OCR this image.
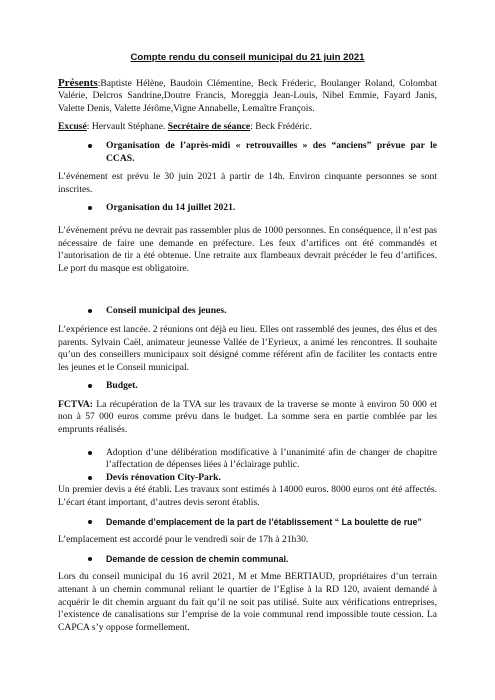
Compte rendu du conseil municipal du 21 juin 2021

Présents:Baptiste Hélène, Baudoin Clémentine, Beck Fréderic, Boulanger Roland, Colombat Valérie, Delcros Sandrine,Doutre Francis, Moreggia Jean-Louis, Nibel Emmie, Fayard Janis, Valette Denis, Valette Jérôme,Vigne Annabelle, Lemaître François.

Excusé: Hervault Stéphane. Secrétaire de séance: Beck Frédéric.

Organisation de l’après-midi « retrouvailles » des “anciens” prévue par le CCAS.

L’événement est prévu le 30 juin 2021 à partir de 14h. Environ cinquante personnes se sont inscrites.

Organisation du 14 juillet 2021.

L’événement prévu ne devrait pas rassembler plus de 1000 personnes. En conséquence, il n’est pas nécessaire de faire une demande en préfecture. Les feux d’artifices ont été commandés et l’autorisation de tir a été obtenue. Une retraite aux flambeaux devrait précéder le feu d’artifices. Le port du masque est obligatoire.

Conseil municipal des jeunes.

L’expérience est lancée. 2 réunions ont déjà eu lieu. Elles ont rassemblé des jeunes, des élus et des parents. Sylvain Caël, animateur jeunesse Vallée de l’Eyrieux, a animé les rencontres. Il souhaite qu’un des conseillers municipaux soit désigné comme référent afin de faciliter les contacts entre les jeunes et le Conseil municipal.

Budget.

FCTVA: La récupération de la TVA sur les travaux de la traverse se monte à environ 50 000 et non à 57 000 euros comme prévu dans le budget. La somme sera en partie comblée par les emprunts réalisés.

Adoption d’une délibération modificative à l’unanimité afin de changer de chapitre l’affectation de dépenses liées à l’éclairage public.
Devis rénovation City-Park.

Un premier devis a été établi. Les travaux sont estimés à 14000 euros. 8000 euros ont été affectés. L’écart étant important, d’autres devis seront établis.

Demande d’emplacement de la part de l’établissement “ La boulette de rue”

L’emplacement est accordé pour le vendredi soir de 17h à 21h30.

Demande de cession de chemin communal.

Lors du conseil municipal du 16 avril 2021, M et Mme BERTIAUD, propriétaires d’un terrain attenant à un chemin communal reliant le quartier de l’Eglise à la RD 120, avaient demandé à acquérir le dit chemin arguant du fait qu’il ne soit pas utilisé. Suite aux vérifications entreprises, l’existence de canalisations sur l’emprise de la voie communal rend impossible toute cession. La CAPCA s’y oppose formellement.
